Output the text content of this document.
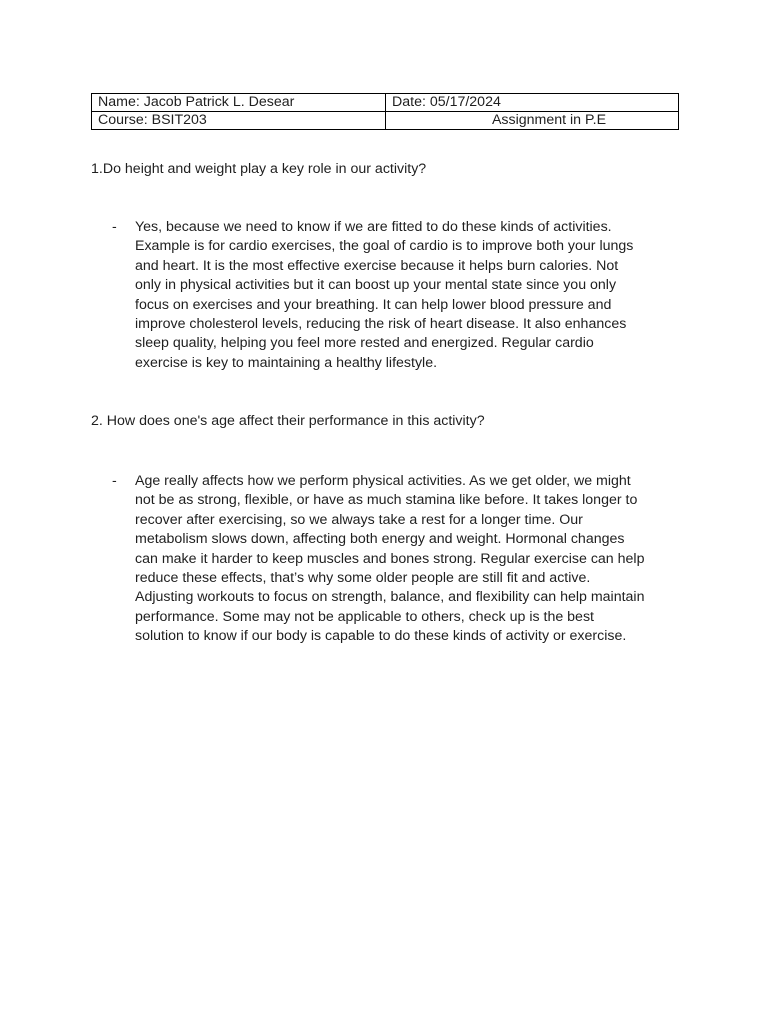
Name: Jacob Patrick L. Desear	Date: 05/17/2024
Course: BSIT203	Assignment in P.E
1.Do height and weight play a key role in our activity?
-	Yes, because we need to know if we are fitted to do these kinds of activities.
Example is for cardio exercises, the goal of cardio is to improve both your lungs
and heart. It is the most effective exercise because it helps burn calories. Not
only in physical activities but it can boost up your mental state since you only
focus on exercises and your breathing. It can help lower blood pressure and
improve cholesterol levels, reducing the risk of heart disease. It also enhances
sleep quality, helping you feel more rested and energized. Regular cardio
exercise is key to maintaining a healthy lifestyle.
2. How does one's age affect their performance in this activity?
-	Age really affects how we perform physical activities. As we get older, we might
not be as strong, flexible, or have as much stamina like before. It takes longer to
recover after exercising, so we always take a rest for a longer time. Our
metabolism slows down, affecting both energy and weight. Hormonal changes
can make it harder to keep muscles and bones strong. Regular exercise can help
reduce these effects, that’s why some older people are still fit and active.
Adjusting workouts to focus on strength, balance, and flexibility can help maintain
performance. Some may not be applicable to others, check up is the best
solution to know if our body is capable to do these kinds of activity or exercise.
